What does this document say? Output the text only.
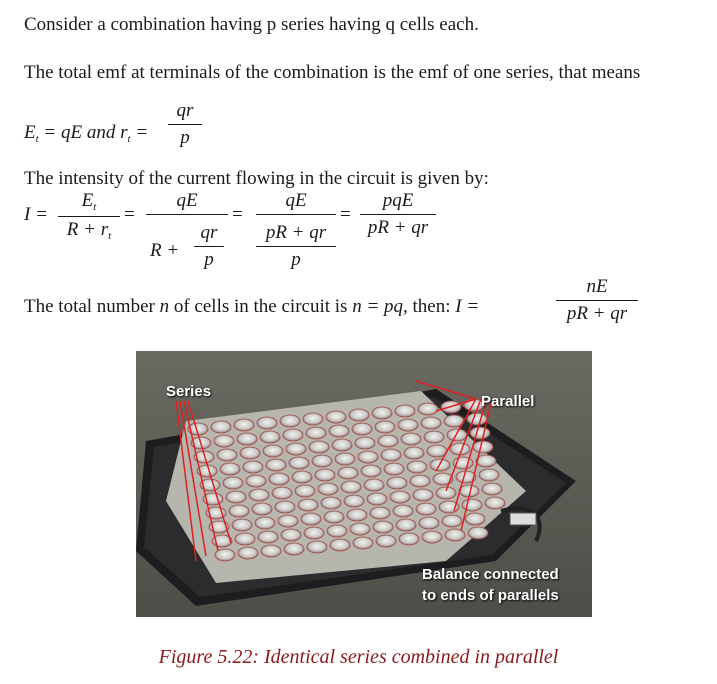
Consider a combination having p series having q cells each.
The total emf at terminals of the combination is the emf of one series, that means
$E_t$ = qE and $r_t$ =
qr
p
The intensity of the current flowing in the circuit is given by:
I =
$E_t$
$R + r_t$
=
qE
R +
qr
p
=
qE
pR + qr
p
=
pqE
pR + qr
The total number n of cells in the circuit is n = pq, then: I =
nE
pR + qr
Series
Parallel
Balance connected
to ends of parallels
Figure 5.22: Identical series combined in parallel
